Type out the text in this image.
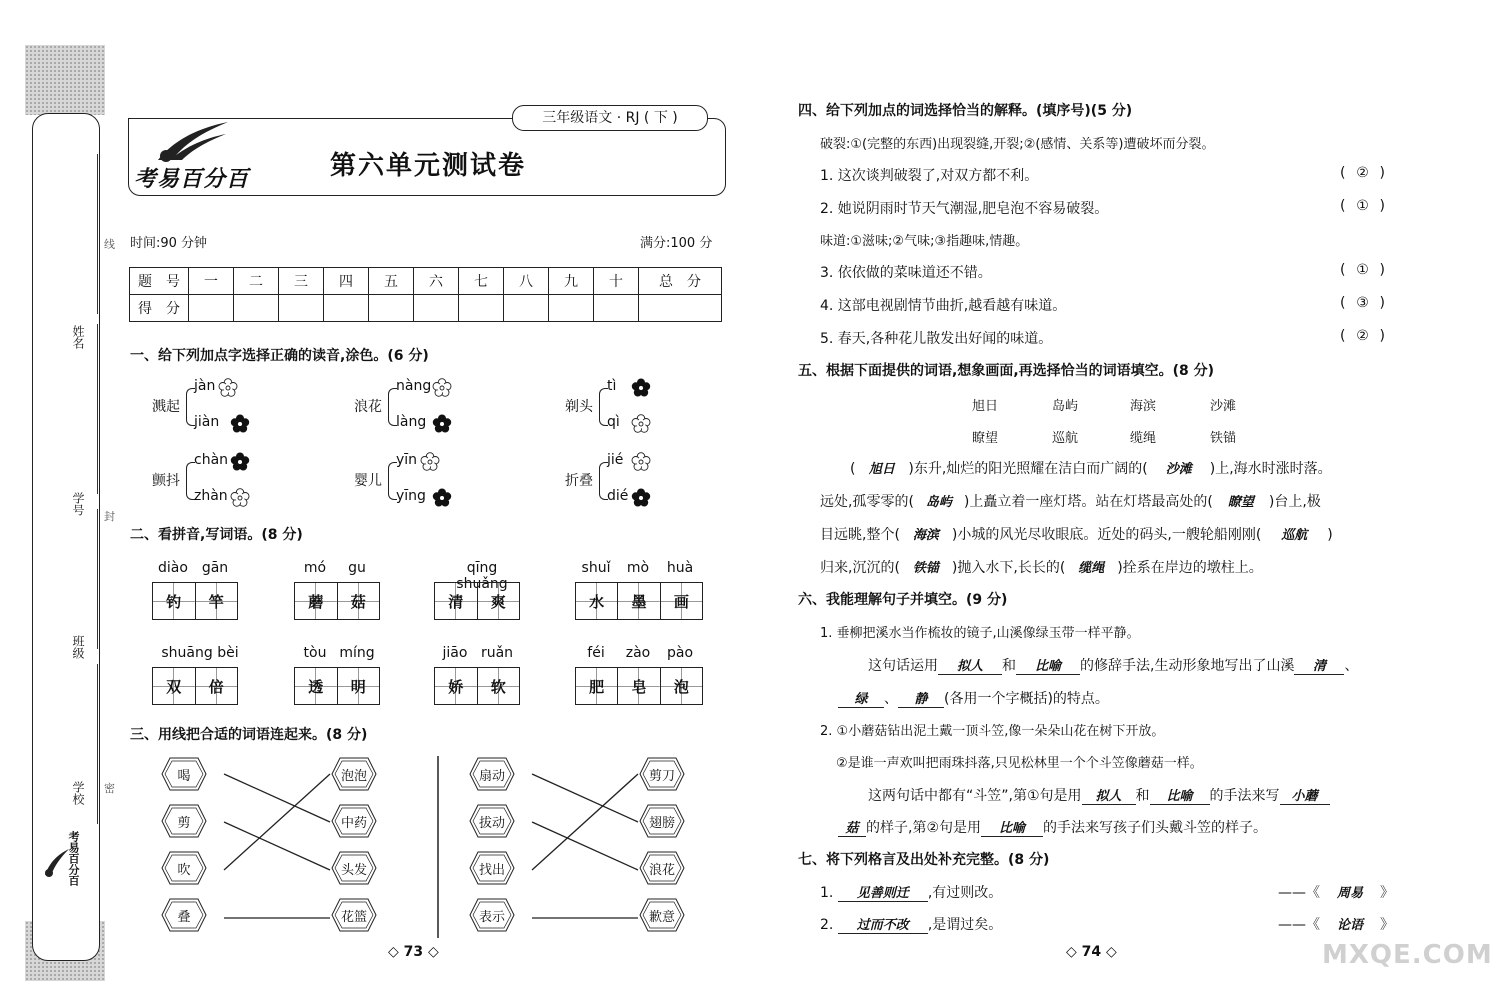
姓名
学号
班级
学校
考易百分百
线
封
密
三年级语文 · RJ ( 下 )
考易百分百	第六单元测试卷
时间:90 分钟	满分:100 分
题　号	一	二	三	四	五	六	七	八	九	十	总　分
得　分											
一、给下列加点字选择正确的读音,涂色。(6 分)
溅起
jàn
jiàn
浪花
nàng
làng
剃头
tì
qì
颤抖
chàn
zhàn
婴儿
yīn
yīng
折叠
jié
dié
二、看拼音,写词语。(8 分)
diào gān
钓	竿
mó	gu
蘑	菇
qīng
清	爽
shuǐ	mò	huà
水	墨	画
shuāng bèi
双	倍
tòu míng
透	明
jiāo ruǎn
娇	软
féi	zào	pào
肥	皂	泡
三、用线把合适的词语连起来。(8 分)
喝
剪
吹
叠
泡泡
中药
头发
花篮
扇动
拔动
找出
表示
剪刀
翅膀
浪花
歉意
◇ 73 ◇
四、给下列加点的词选择恰当的解释。(填序号)(5 分)
破裂:①(完整的东西)出现裂缝,开裂;②(感情、关系等)遭破坏而分裂。
1. 这次谈判破裂了,对双方都不利。	( ② )
2. 她说阴雨时节天气潮湿,肥皂泡不容易破裂。	( ① )
味道:①滋味;②气味;③指趣味,情趣。
3. 依依做的菜味道还不错。	( ① )
4. 这部电视剧情节曲折,越看越有味道。	( ③ )
5. 春天,各种花儿散发出好闻的味道。	( ② )
五、根据下面提供的词语,想象画面,再选择恰当的词语填空。(8 分)
旭日	岛屿	海滨	沙滩
瞭望	巡航	缆绳	铁锚
( 旭日 )东升,灿烂的阳光照耀在洁白而广阔的( 沙滩 )上,海水时涨时落。
远处,孤零零的( 岛屿 )上矗立着一座灯塔。站在灯塔最高处的( 瞭望 )台上,极
目远眺,整个( 海滨 )小城的风光尽收眼底。近处的码头,一艘轮船刚刚( 巡航 )
归来,沉沉的( 铁锚 )抛入水下,长长的( 缆绳 )拴系在岸边的墩柱上。
六、我能理解句子并填空。(9 分)
1. 垂柳把溪水当作梳妆的镜子,山溪像绿玉带一样平静。
这句话运用 拟人 和 比喻 的修辞手法,生动形象地写出了山溪 清 、
绿 、 静 (各用一个字概括)的特点。
2. ①小蘑菇钻出泥土戴一顶斗笠,像一朵朵山花在树下开放。
②是谁一声欢叫把雨珠抖落,只见松林里一个个斗笠像蘑菇一样。
这两句话中都有“斗笠”,第①句是用 拟人 和 比喻 的手法来写 小蘑
菇 的样子,第②句是用 比喻 的手法来写孩子们头戴斗笠的样子。
七、将下列格言及出处补充完整。(8 分)
1. 见善则迁 ,有过则改。	——《 周易 》
2. 过而不改 ,是谓过矣。	——《 论语 》
◇ 74 ◇	MXQE.COM
